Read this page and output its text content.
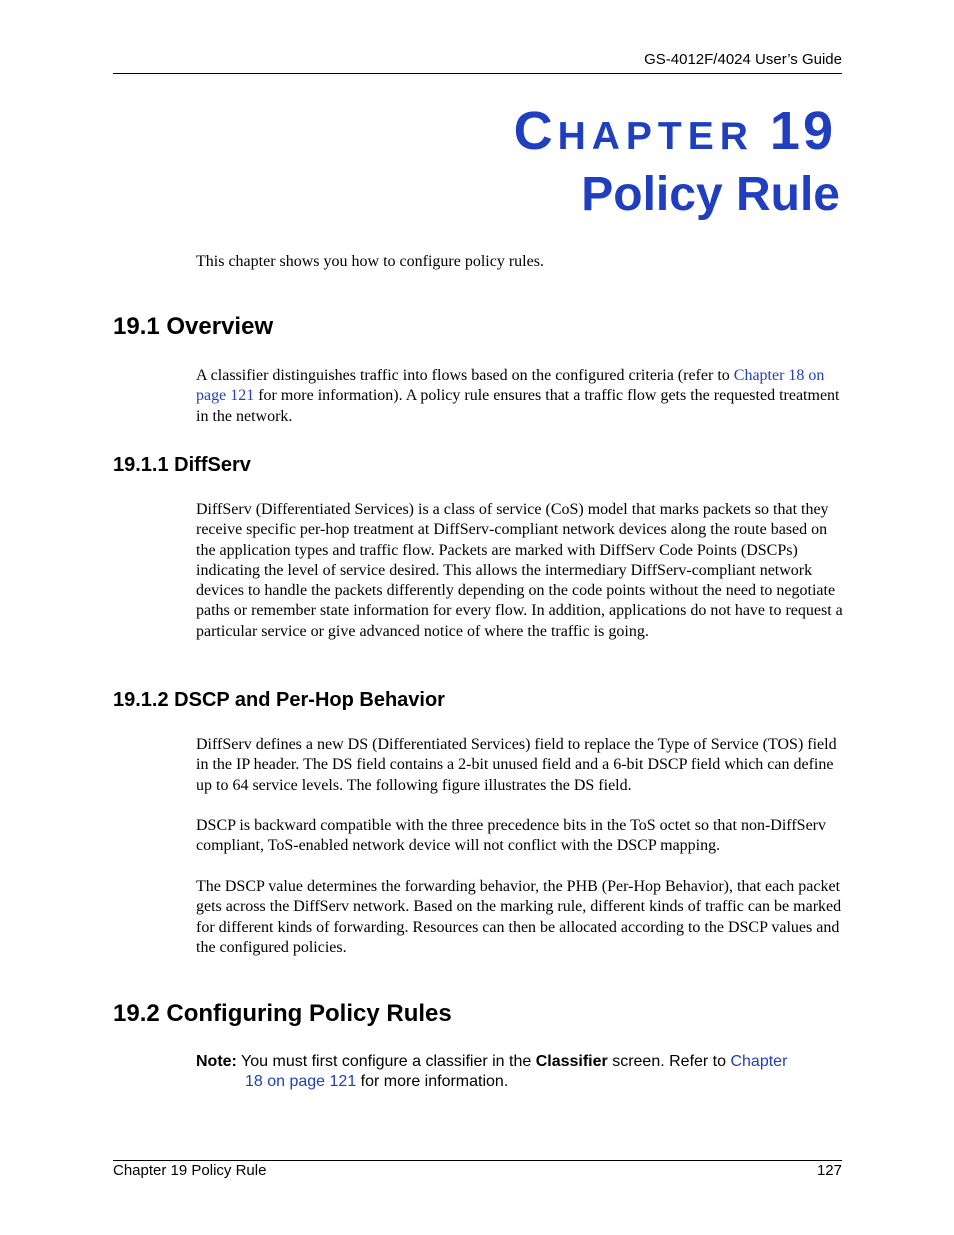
GS-4012F/4024 User’s Guide
CHAPTER 19
Policy Rule

This chapter shows you how to configure policy rules.

19.1 Overview

A classifier distinguishes traffic into flows based on the configured criteria (refer to Chapter 18 on page 121 for more information). A policy rule ensures that a traffic flow gets the requested treatment in the network.

19.1.1 DiffServ

DiffServ (Differentiated Services) is a class of service (CoS) model that marks packets so that they receive specific per-hop treatment at DiffServ-compliant network devices along the route based on the application types and traffic flow. Packets are marked with DiffServ Code Points (DSCPs) indicating the level of service desired. This allows the intermediary DiffServ-compliant network devices to handle the packets differently depending on the code points without the need to negotiate paths or remember state information for every flow. In addition, applications do not have to request a particular service or give advanced notice of where the traffic is going.

19.1.2 DSCP and Per-Hop Behavior

DiffServ defines a new DS (Differentiated Services) field to replace the Type of Service (TOS) field in the IP header. The DS field contains a 2-bit unused field and a 6-bit DSCP field which can define up to 64 service levels. The following figure illustrates the DS field.

DSCP is backward compatible with the three precedence bits in the ToS octet so that non-DiffServ compliant, ToS-enabled network device will not conflict with the DSCP mapping.

The DSCP value determines the forwarding behavior, the PHB (Per-Hop Behavior), that each packet gets across the DiffServ network. Based on the marking rule, different kinds of traffic can be marked for different kinds of forwarding. Resources can then be allocated according to the DSCP values and the configured policies.

19.2 Configuring Policy Rules
Note: You must first configure a classifier in the Classifier screen. Refer to Chapter
18 on page 121 for more information.
Chapter 19 Policy Rule	127
